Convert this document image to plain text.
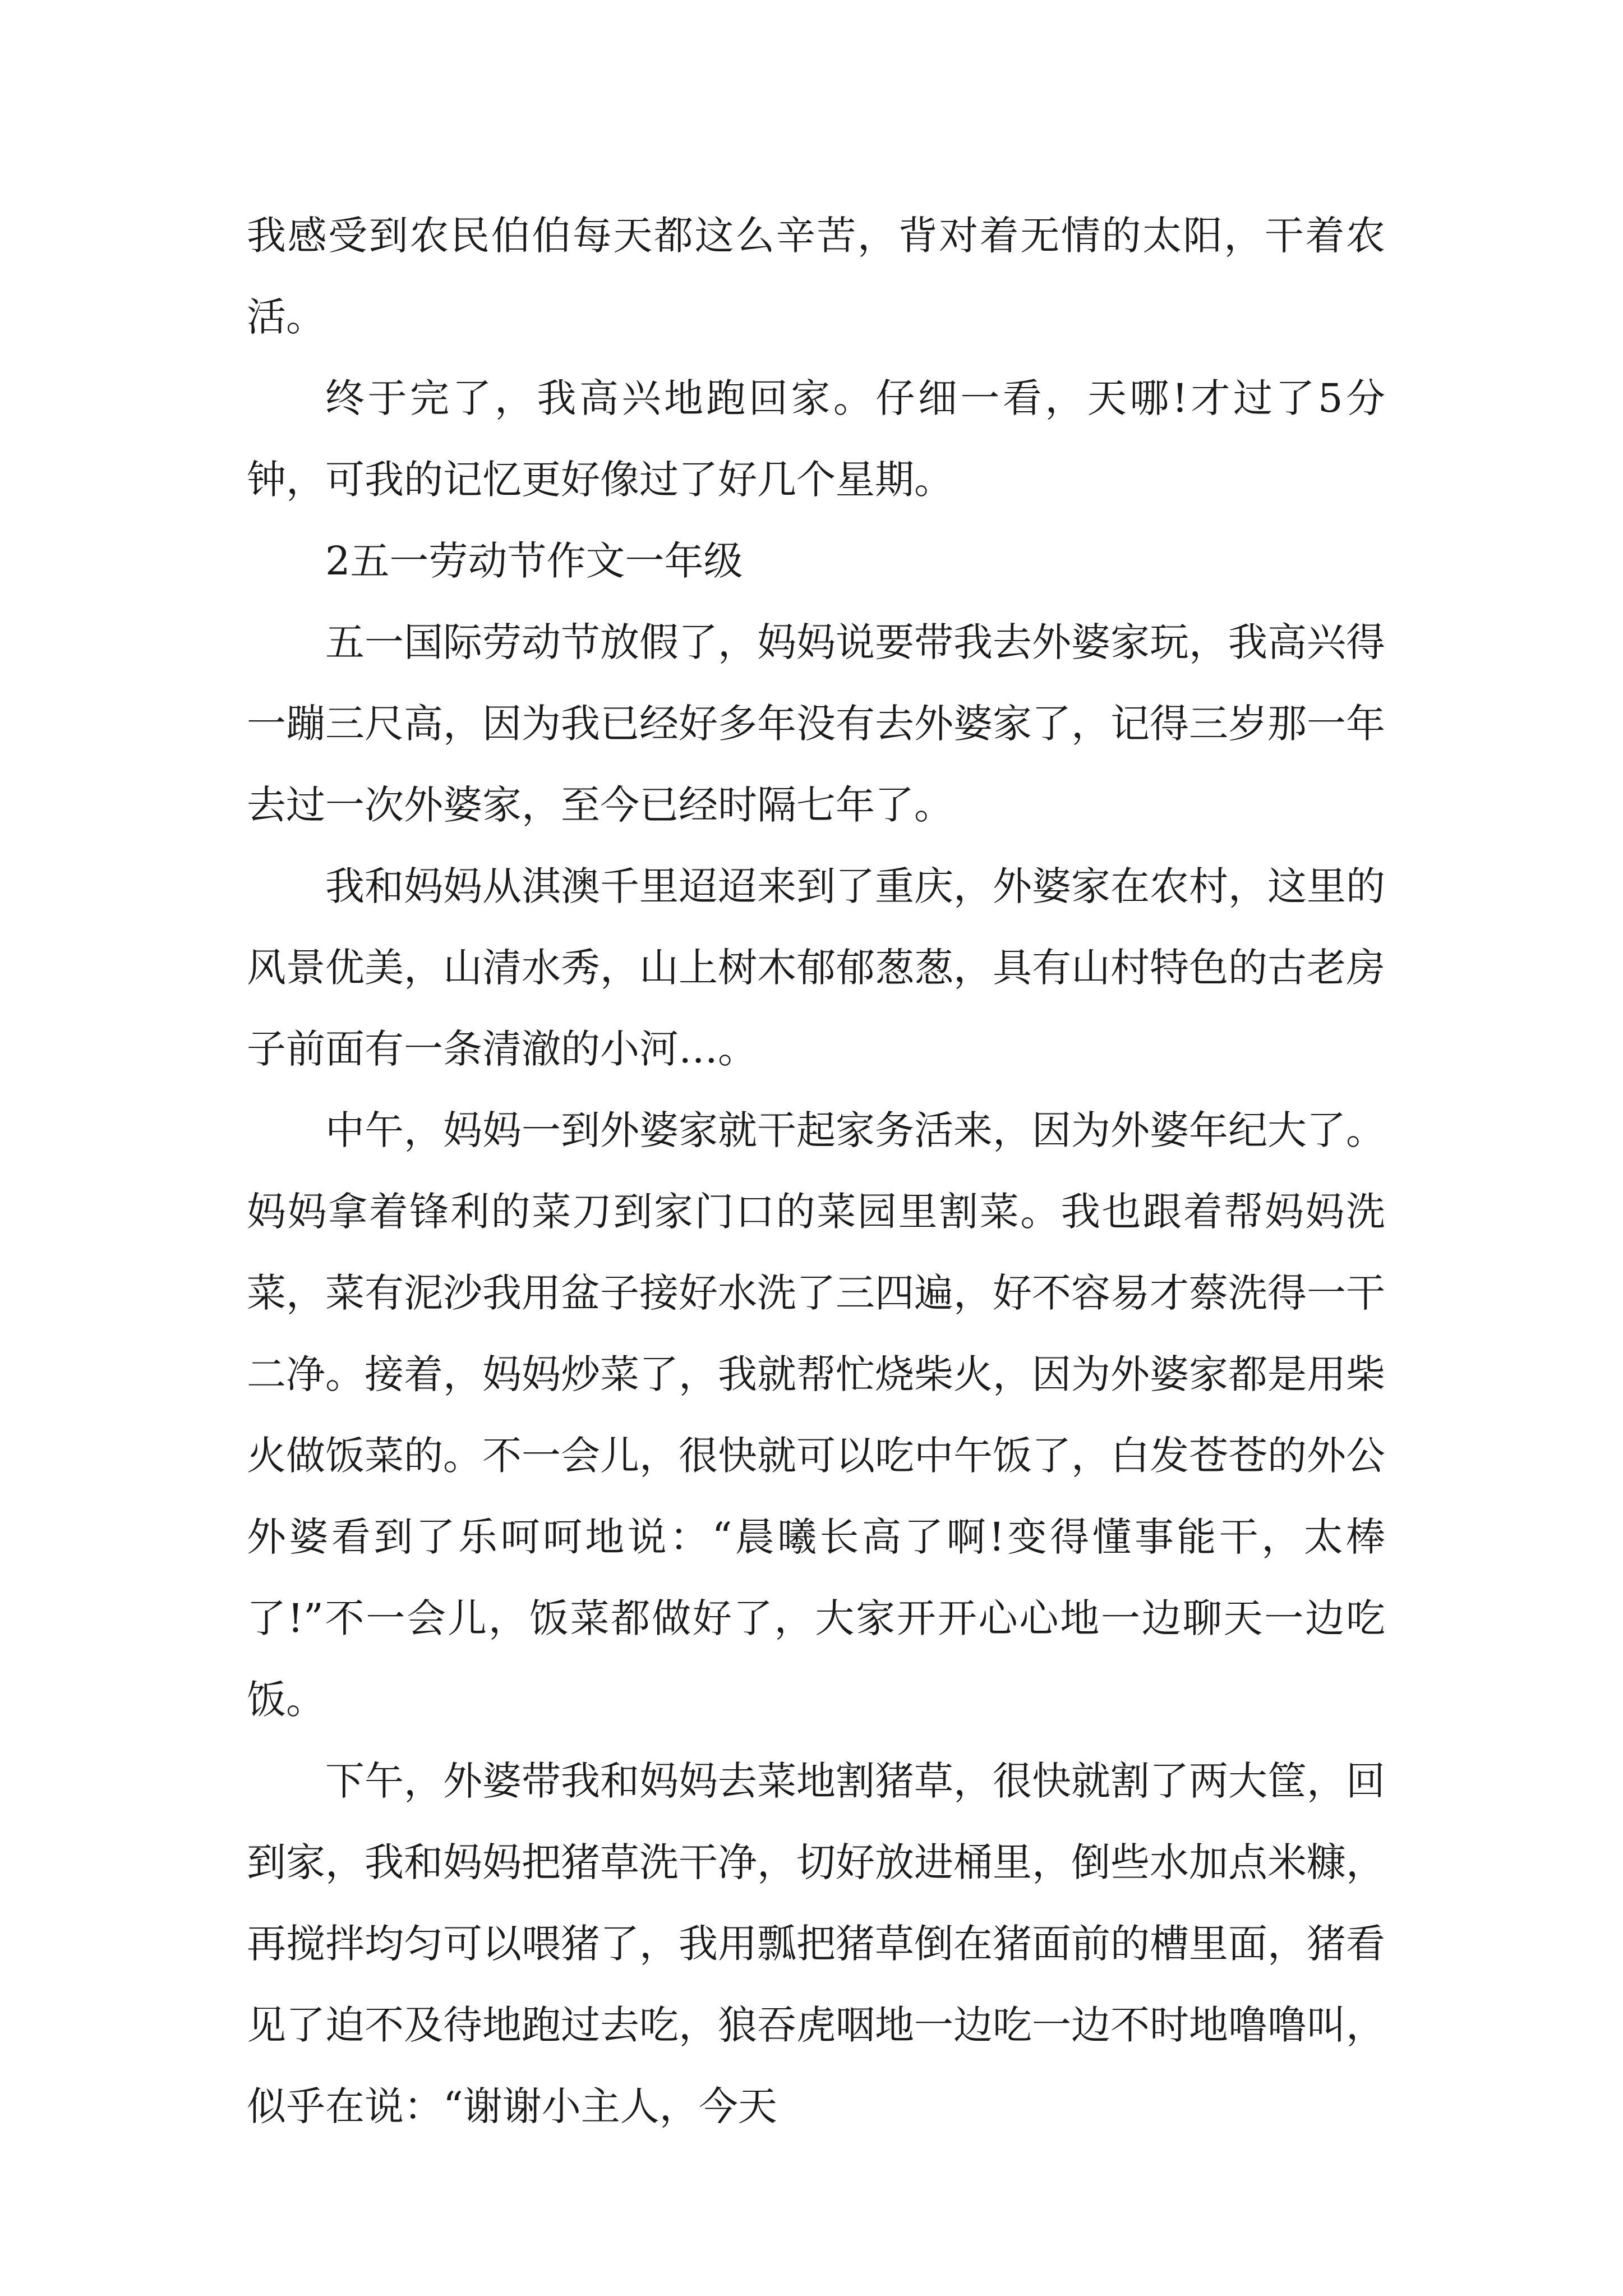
我感受到农民伯伯每天都这么辛苦，背对着无情的太阳，干着农活。

终于完了，我高兴地跑回家。仔细一看，天哪!才过了5分钟，可我的记忆更好像过了好几个星期。

2五一劳动节作文一年级

五一国际劳动节放假了，妈妈说要带我去外婆家玩，我高兴得一蹦三尺高，因为我已经好多年没有去外婆家了，记得三岁那一年去过一次外婆家，至今已经时隔七年了。

我和妈妈从淇澳千里迢迢来到了重庆，外婆家在农村，这里的风景优美，山清水秀，山上树木郁郁葱葱，具有山村特色的古老房子前面有一条清澈的小河…。

中午，妈妈一到外婆家就干起家务活来，因为外婆年纪大了。妈妈拿着锋利的菜刀到家门口的菜园里割菜。我也跟着帮妈妈洗菜，菜有泥沙我用盆子接好水洗了三四遍，好不容易才蔡洗得一干二净。接着，妈妈炒菜了，我就帮忙烧柴火，因为外婆家都是用柴火做饭菜的。不一会儿，很快就可以吃中午饭了，白发苍苍的外公外婆看到了乐呵呵地说：“晨曦长高了啊!变得懂事能干，太棒了!”不一会儿，饭菜都做好了，大家开开心心地一边聊天一边吃饭。

下午，外婆带我和妈妈去菜地割猪草，很快就割了两大筐，回到家，我和妈妈把猪草洗干净，切好放进桶里，倒些水加点米糠，再搅拌均匀可以喂猪了，我用瓢把猪草倒在猪面前的槽里面，猪看见了迫不及待地跑过去吃，狼吞虎咽地一边吃一边不时地噜噜叫，似乎在说：“谢谢小主人，今天
